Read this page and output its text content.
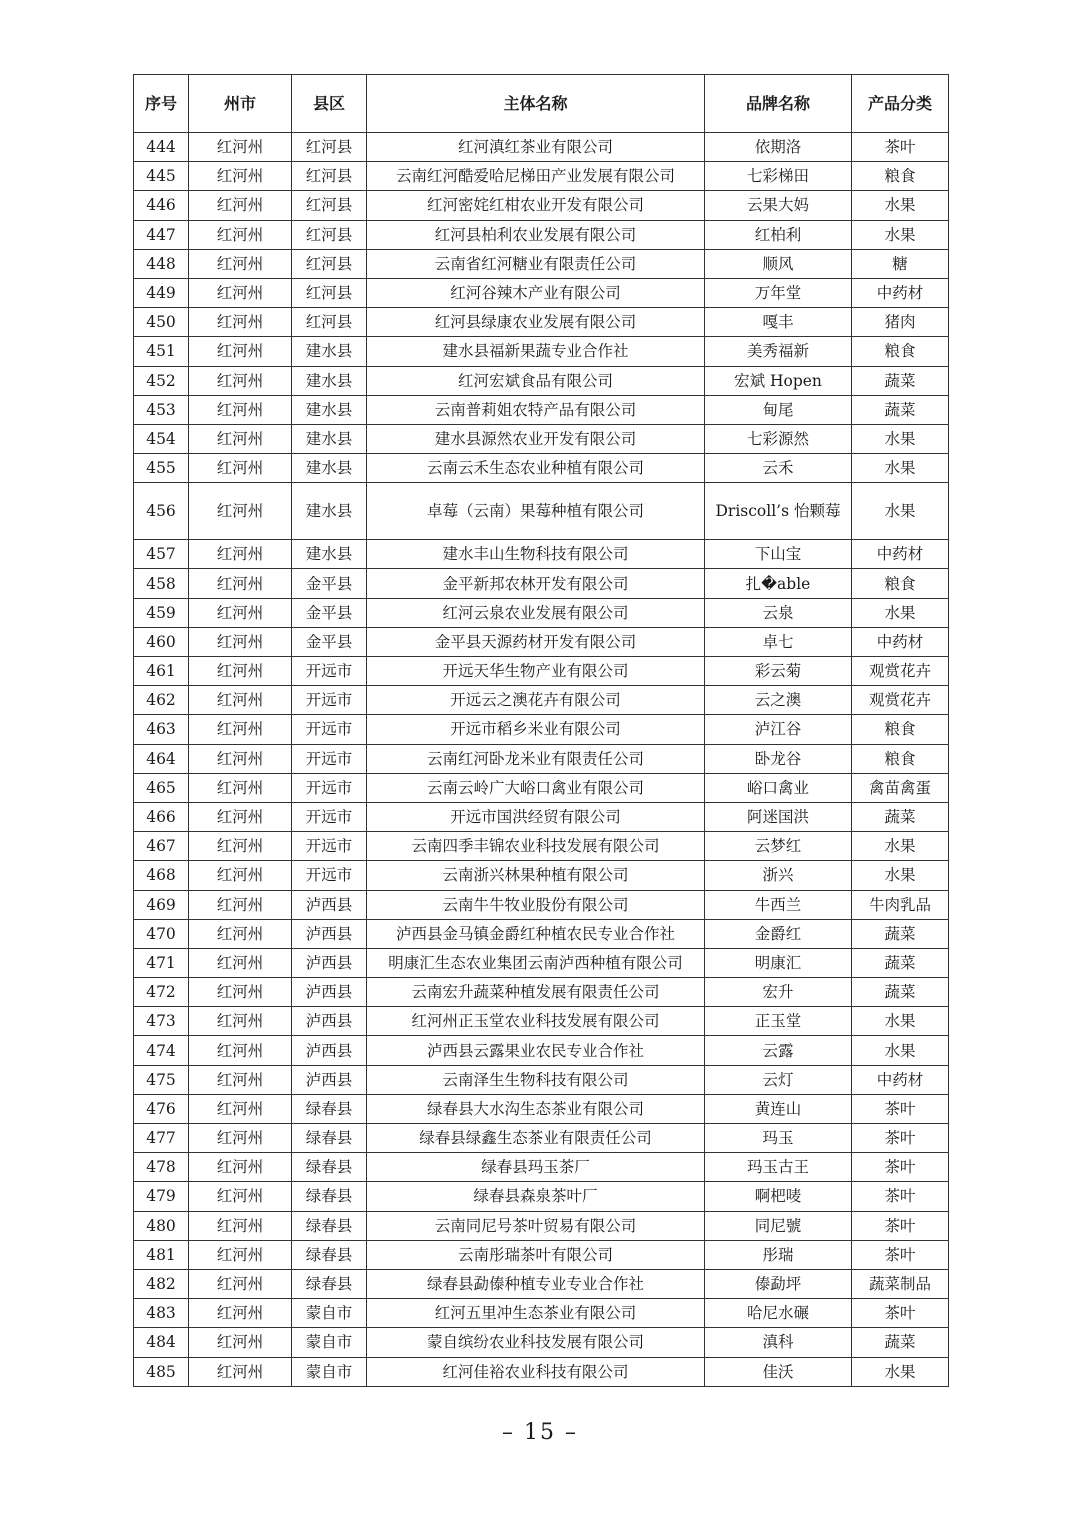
序号	州市	县区	主体名称	品牌名称	产品分类
444	红河州	红河县	红河滇红茶业有限公司	依期洛	茶叶
445	红河州	红河县	云南红河酷爱哈尼梯田产业发展有限公司	七彩梯田	粮食
446	红河州	红河县	红河密姹红柑农业开发有限公司	云果大妈	水果
447	红河州	红河县	红河县柏利农业发展有限公司	红柏利	水果
448	红河州	红河县	云南省红河糖业有限责任公司	顺风	糖
449	红河州	红河县	红河谷辣木产业有限公司	万年堂	中药材
450	红河州	红河县	红河县绿康农业发展有限公司	嘎丰	猪肉
451	红河州	建水县	建水县福新果蔬专业合作社	美秀福新	粮食
452	红河州	建水县	红河宏斌食品有限公司	宏斌 Hopen	蔬菜
453	红河州	建水县	云南普莉姐农特产品有限公司	甸尾	蔬菜
454	红河州	建水县	建水县源然农业开发有限公司	七彩源然	水果
455	红河州	建水县	云南云禾生态农业种植有限公司	云禾	水果
456	红河州	建水县	卓莓（云南）果莓种植有限公司	Driscoll’s 怡颗莓	水果
457	红河州	建水县	建水丰山生物科技有限公司	下山宝	中药材
458	红河州	金平县	金平新邦农林开发有限公司	扎�able	粮食
459	红河州	金平县	红河云泉农业发展有限公司	云泉	水果
460	红河州	金平县	金平县天源药材开发有限公司	卓七	中药材
461	红河州	开远市	开远天华生物产业有限公司	彩云菊	观赏花卉
462	红河州	开远市	开远云之澳花卉有限公司	云之澳	观赏花卉
463	红河州	开远市	开远市稻乡米业有限公司	泸江谷	粮食
464	红河州	开远市	云南红河卧龙米业有限责任公司	卧龙谷	粮食
465	红河州	开远市	云南云岭广大峪口禽业有限公司	峪口禽业	禽苗禽蛋
466	红河州	开远市	开远市国洪经贸有限公司	阿迷国洪	蔬菜
467	红河州	开远市	云南四季丰锦农业科技发展有限公司	云梦红	水果
468	红河州	开远市	云南浙兴林果种植有限公司	浙兴	水果
469	红河州	泸西县	云南牛牛牧业股份有限公司	牛西兰	牛肉乳品
470	红河州	泸西县	泸西县金马镇金爵红种植农民专业合作社	金爵红	蔬菜
471	红河州	泸西县	明康汇生态农业集团云南泸西种植有限公司	明康汇	蔬菜
472	红河州	泸西县	云南宏升蔬菜种植发展有限责任公司	宏升	蔬菜
473	红河州	泸西县	红河州正玉堂农业科技发展有限公司	正玉堂	水果
474	红河州	泸西县	泸西县云露果业农民专业合作社	云露	水果
475	红河州	泸西县	云南泽生生物科技有限公司	云灯	中药材
476	红河州	绿春县	绿春县大水沟生态茶业有限公司	黄连山	茶叶
477	红河州	绿春县	绿春县绿鑫生态茶业有限责任公司	玛玉	茶叶
478	红河州	绿春县	绿春县玛玉茶厂	玛玉古王	茶叶
479	红河州	绿春县	绿春县森泉茶叶厂	啊杷唛	茶叶
480	红河州	绿春县	云南同尼号茶叶贸易有限公司	同尼號	茶叶
481	红河州	绿春县	云南彤瑞茶叶有限公司	彤瑞	茶叶
482	红河州	绿春县	绿春县勐傣种植专业专业合作社	傣勐坪	蔬菜制品
483	红河州	蒙自市	红河五里冲生态茶业有限公司	哈尼水碾	茶叶
484	红河州	蒙自市	蒙自缤纷农业科技发展有限公司	滇科	蔬菜
485	红河州	蒙自市	红河佳裕农业科技有限公司	佳沃	水果
– 15 –
